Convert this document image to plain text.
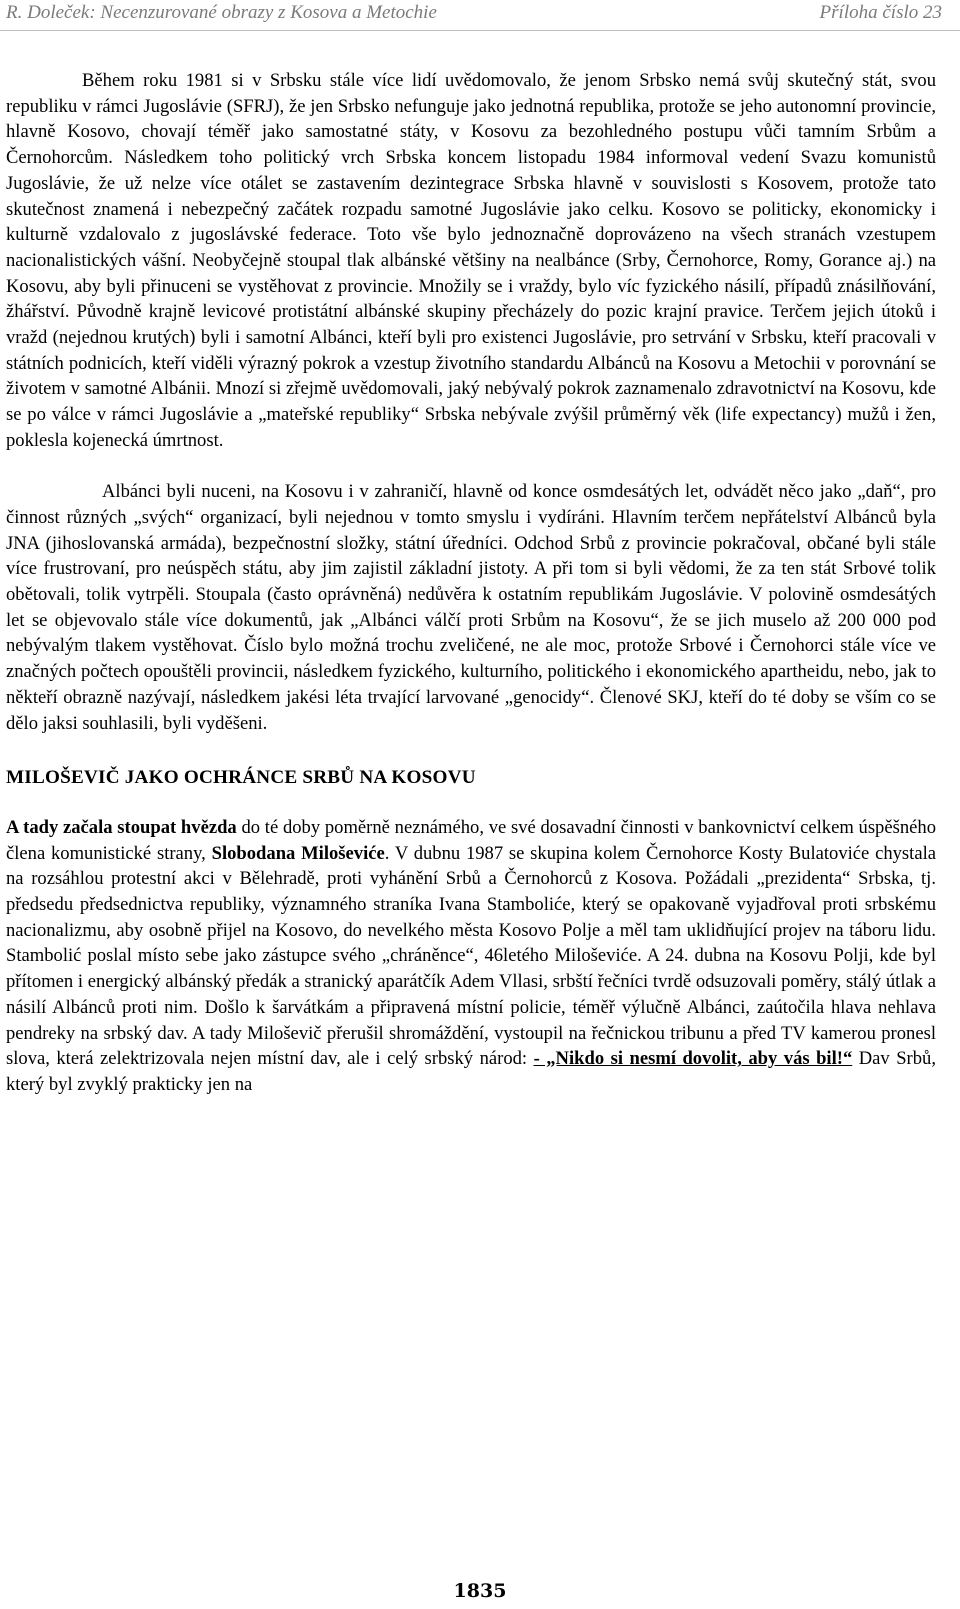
R. Doleček: Necenzurované obrazy z Kosova a Metochie	Příloha číslo 23

Během roku 1981 si v Srbsku stále více lidí uvědomovalo, že jenom Srbsko nemá svůj skutečný stát, svou republiku v rámci Jugoslávie (SFRJ), že jen Srbsko nefunguje jako jednotná republika, protože se jeho autonomní provincie, hlavně Kosovo, chovají téměř jako samostatné státy, v Kosovu za bezohledného postupu vůči tamním Srbům a Černohorcům. Následkem toho politický vrch Srbska koncem listopadu 1984 informoval vedení Svazu komunistů Jugoslávie, že už nelze více otálet se zastavením dezintegrace Srbska hlavně v souvislosti s Kosovem, protože tato skutečnost znamená i nebezpečný začátek rozpadu samotné Jugoslávie jako celku. Kosovo se politicky, ekonomicky i kulturně vzdalovalo z jugoslávské federace. Toto vše bylo jednoznačně doprovázeno na všech stranách vzestupem nacionalistických vášní. Neobyčejně stoupal tlak albánské většiny na nealbánce (Srby, Černohorce, Romy, Gorance aj.) na Kosovu, aby byli přinuceni se vystěhovat z provincie. Množily se i vraždy, bylo víc fyzického násilí, případů znásilňování, žhářství. Původně krajně levicové protistátní albánské skupiny přecházely do pozic krajní pravice. Terčem jejich útoků i vražd (nejednou krutých) byli i samotní Albánci, kteří byli pro existenci Jugoslávie, pro setrvání v Srbsku, kteří pracovali v státních podnicích, kteří viděli výrazný pokrok a vzestup životního standardu Albánců na Kosovu a Metochii v porovnání se životem v samotné Albánii. Mnozí si zřejmě uvědomovali, jaký nebývalý pokrok zaznamenalo zdravotnictví na Kosovu, kde se po válce v rámci Jugoslávie a „mateřské republiky“ Srbska nebývale zvýšil průměrný věk (life expectancy) mužů i žen, poklesla kojenecká úmrtnost.

Albánci byli nuceni, na Kosovu i v zahraničí, hlavně od konce osmdesátých let, odvádět něco jako „daň“, pro činnost různých „svých“ organizací, byli nejednou v tomto smyslu i vydíráni. Hlavním terčem nepřátelství Albánců byla JNA (jihoslovanská armáda), bezpečnostní složky, státní úředníci. Odchod Srbů z provincie pokračoval, občané byli stále více frustrovaní, pro neúspěch státu, aby jim zajistil základní jistoty. A při tom si byli vědomi, že za ten stát Srbové tolik obětovali, tolik vytrpěli. Stoupala (často oprávněná) nedůvěra k ostatním republikám Jugoslávie. V polovině osmdesátých let se objevovalo stále více dokumentů, jak „Albánci válčí proti Srbům na Kosovu“, že se jich muselo až 200 000 pod nebývalým tlakem vystěhovat. Číslo bylo možná trochu zveličené, ne ale moc, protože Srbové i Černohorci stále více ve značných počtech opouštěli provincii, následkem fyzického, kulturního, politického i ekonomického apartheidu, nebo, jak to někteří obrazně nazývají, následkem jakési léta trvající larvované „genocidy“. Členové SKJ, kteří do té doby se vším co se dělo jaksi souhlasili, byli vyděšeni.

MILOŠEVIČ JAKO OCHRÁNCE SRBŮ NA KOSOVU

A tady začala stoupat hvězda do té doby poměrně neznámého, ve své dosavadní činnosti v bankovnictví celkem úspěšného člena komunistické strany, Slobodana Miloševiće. V dubnu 1987 se skupina kolem Černohorce Kosty Bulatoviće chystala na rozsáhlou protestní akci v Bělehradě, proti vyhánění Srbů a Černohorců z Kosova. Požádali „prezidenta“ Srbska, tj. předsedu předsednictva republiky, významného straníka Ivana Stamboliće, který se opakovaně vyjadřoval proti srbskému nacionalizmu, aby osobně přijel na Kosovo, do nevelkého města Kosovo Polje a měl tam uklidňující projev na táboru lidu. Stambolić poslal místo sebe jako zástupce svého „chráněnce“, 46letého Miloševiće. A 24. dubna na Kosovu Polji, kde byl přítomen i energický albánský předák a stranický aparátčík Adem Vllasi, srbští řečníci tvrdě odsuzovali poměry, stálý útlak a násilí Albánců proti nim. Došlo k šarvátkám a připravená místní policie, téměř výlučně Albánci, zaútočila hlava nehlava pendreky na srbský dav. A tady Miloševič přerušil shromáždění, vystoupil na řečnickou tribunu a před TV kamerou pronesl slova, která zelektrizovala nejen místní dav, ale i celý srbský národ: - „Nikdo si nesmí dovolit, aby vás bil!“ Dav Srbů, který byl zvyklý prakticky jen na

1835
